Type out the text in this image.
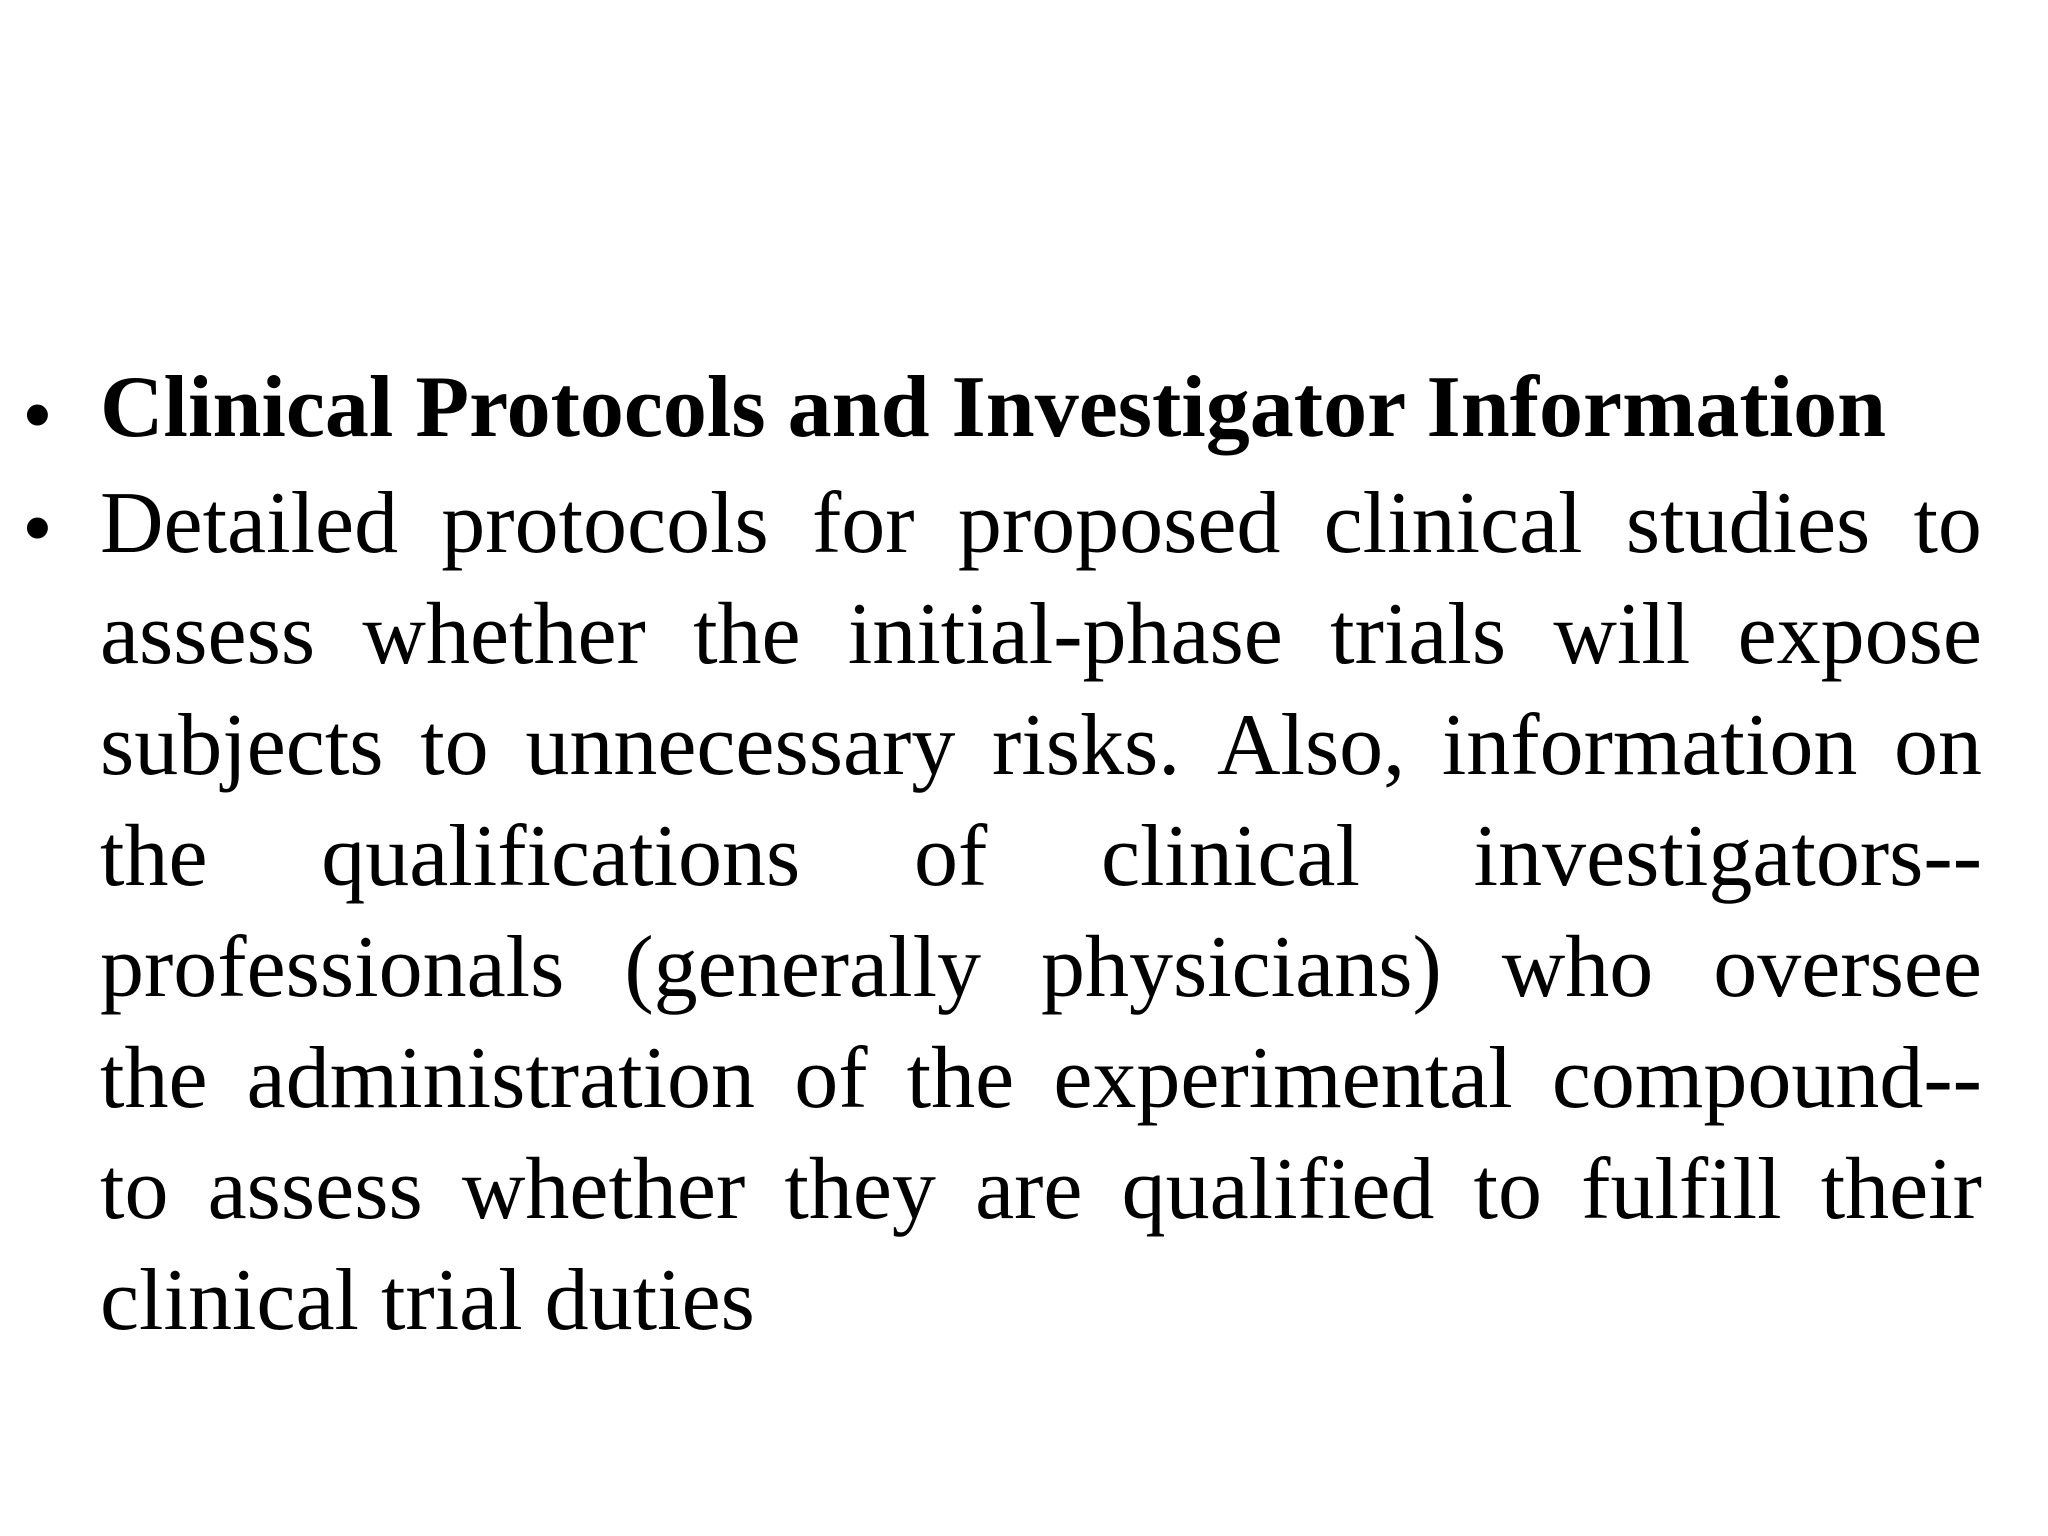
• Clinical Protocols and Investigator Information
• Detailed protocols for proposed clinical studies to
assess whether the initial-phase trials will expose
subjects to unnecessary risks. Also, information on
the qualifications of clinical investigators--
professionals (generally physicians) who oversee
the administration of the experimental compound--
to assess whether they are qualified to fulfill their
clinical trial duties
